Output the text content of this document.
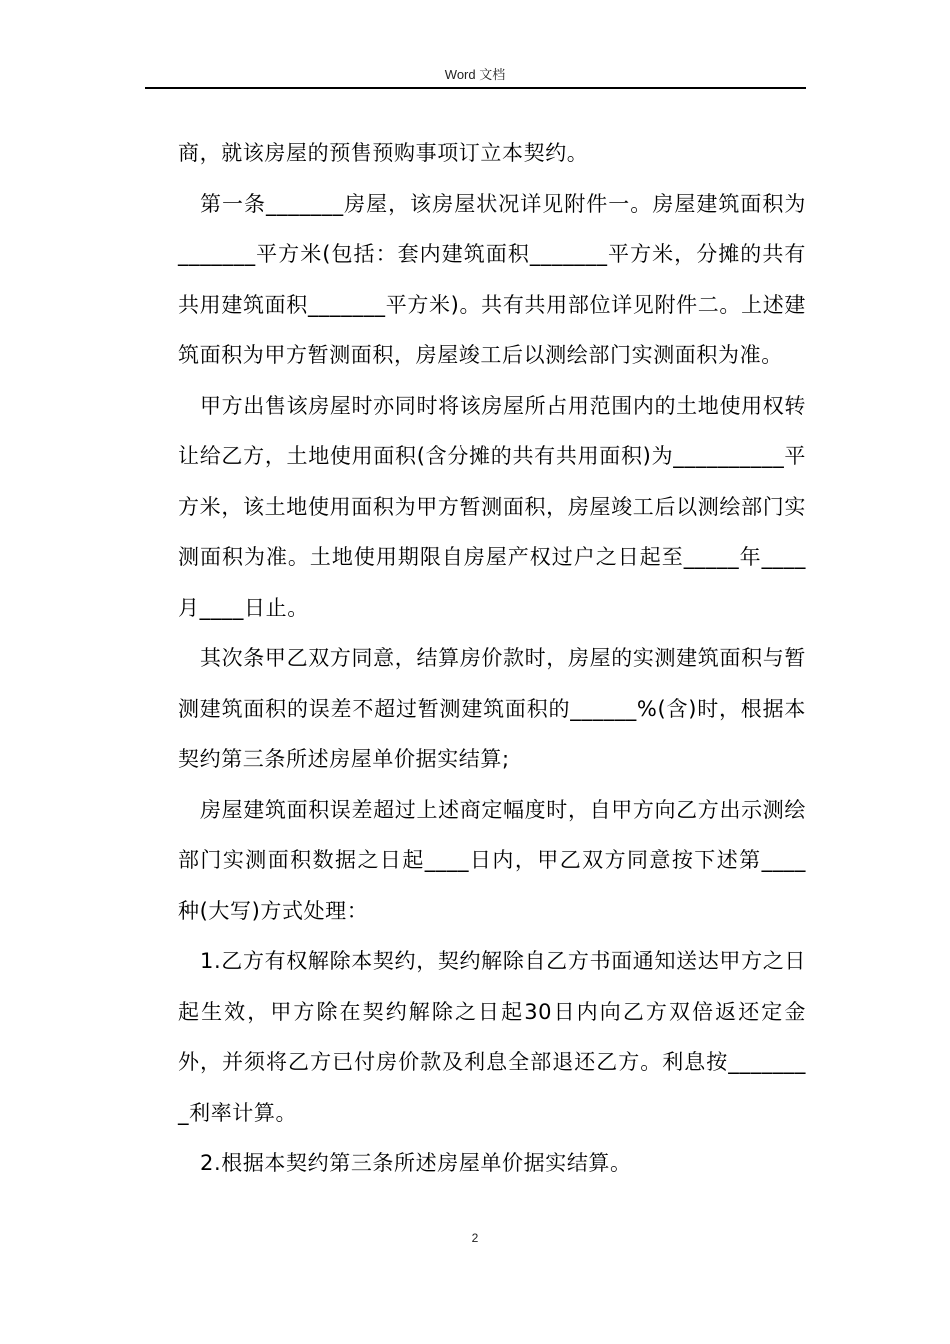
Word 文档

商，就该房屋的预售预购事项订立本契约。

第一条_______房屋，该房屋状况详见附件一。房屋建筑面积为_______平方米(包括：套内建筑面积_______平方米，分摊的共有共用建筑面积_______平方米)。共有共用部位详见附件二。上述建筑面积为甲方暂测面积，房屋竣工后以测绘部门实测面积为准。

甲方出售该房屋时亦同时将该房屋所占用范围内的土地使用权转让给乙方，土地使用面积(含分摊的共有共用面积)为__________平方米，该土地使用面积为甲方暂测面积，房屋竣工后以测绘部门实测面积为准。土地使用期限自房屋产权过户之日起至_____年____月____日止。

其次条甲乙双方同意，结算房价款时，房屋的实测建筑面积与暂测建筑面积的误差不超过暂测建筑面积的______%(含)时，根据本契约第三条所述房屋单价据实结算;

房屋建筑面积误差超过上述商定幅度时，自甲方向乙方出示测绘部门实测面积数据之日起____日内，甲乙双方同意按下述第____种(大写)方式处理：

1.乙方有权解除本契约，契约解除自乙方书面通知送达甲方之日起生效，甲方除在契约解除之日起30日内向乙方双倍返还定金外，并须将乙方已付房价款及利息全部退还乙方。利息按________利率计算。

2.根据本契约第三条所述房屋单价据实结算。

2
